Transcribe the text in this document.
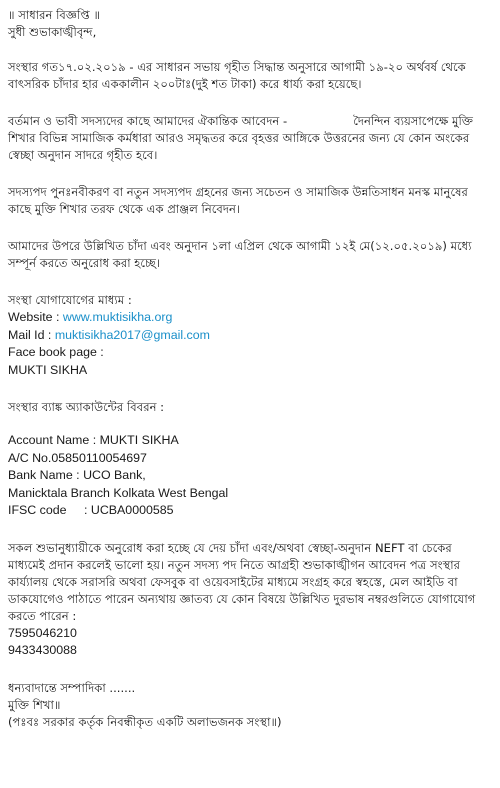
॥ সাধারন বিজ্ঞপ্তি ॥

সুধী শুভাকাঙ্খীবৃন্দ,

সংস্থার গত১৭.০২.২০১৯ - এর সাধারন সভায় গৃহীত সিদ্ধান্ত অনুসারে আগামী ১৯-২০ অর্থবর্ষ থেকে বাৎসরিক চাঁদার হার এককালীন ২০০টাঃ(দুই শত টাকা) করে ধার্য্য করা হয়েছে।

বর্তমান ও ভাবী সদস্যদের কাছে আমাদের ঐকান্তিক আবেদন -	দৈনন্দিন ব্যয়সাপেক্ষে মুক্তি শিখার বিভিন্ন সামাজিক কর্মধারা আরও সমৃদ্ধতর করে বৃহত্তর আঙ্গিকে উত্তরনের জন্য যে কোন অংকের স্বেচ্ছা অনুদান সাদরে গৃহীত হবে।

সদস্যপদ পুনঃনবীকরণ বা নতুন সদস্যপদ গ্রহনের জন্য সচেতন ও সামাজিক উন্নতিসাধন মনস্ক মানুষের কাছে মুক্তি শিখার তরফ থেকে এক প্রাঞ্জল নিবেদন।

আমাদের উপরে উল্লিখিত চাঁদা এবং অনুদান ১লা এপ্রিল থেকে আগামী ১২ই মে(১২.০৫.২০১৯) মধ্যে সম্পূর্ন করতে অনুরোধ করা হচ্ছে।

সংস্থা যোগাযোগের মাধ্যম :

Website : www.muktisikha.org

Mail Id : muktisikha2017@gmail.com

Face book page :

MUKTI SIKHA

সংস্থার ব্যাঙ্ক অ্যাকাউন্টের বিবরন :

Account Name : MUKTI SIKHA

A/C No.05850110054697

Bank Name : UCO Bank,

Manicktala Branch Kolkata West Bengal

IFSC code : UCBA0000585

সকল শুভানুধ্যায়ীকে অনুরোধ করা হচ্ছে যে দেয় চাঁদা এবং/অথবা স্বেচ্ছা-অনুদান NEFT বা চেকের মাধ্যমেই প্রদান করলেই ভালো হয়। নতুন সদস্য পদ নিতে আগ্রহী শুভাকাঙ্খীগন আবেদন পত্র সংস্থার কার্য্যালয় থেকে সরাসরি অথবা ফেসবুক বা ওয়েবসাইটের মাধ্যমে সংগ্রহ করে স্বহস্তে, মেল আইডি বা ডাকযোগেও পাঠাতে পারেন অন্যথায় জ্ঞাতব্য যে কোন বিষয়ে উল্লিখিত দুরভাষ নম্বরগুলিতে যোগাযোগ করতে পারেন :

7595046210

9433430088

ধন্যবাদান্তে সম্পাদিকা .......

মুক্তি শিখা॥

(পঃবঃ সরকার কর্তৃক নিবন্ধীকৃত একটি অলাভজনক সংস্থা॥)
